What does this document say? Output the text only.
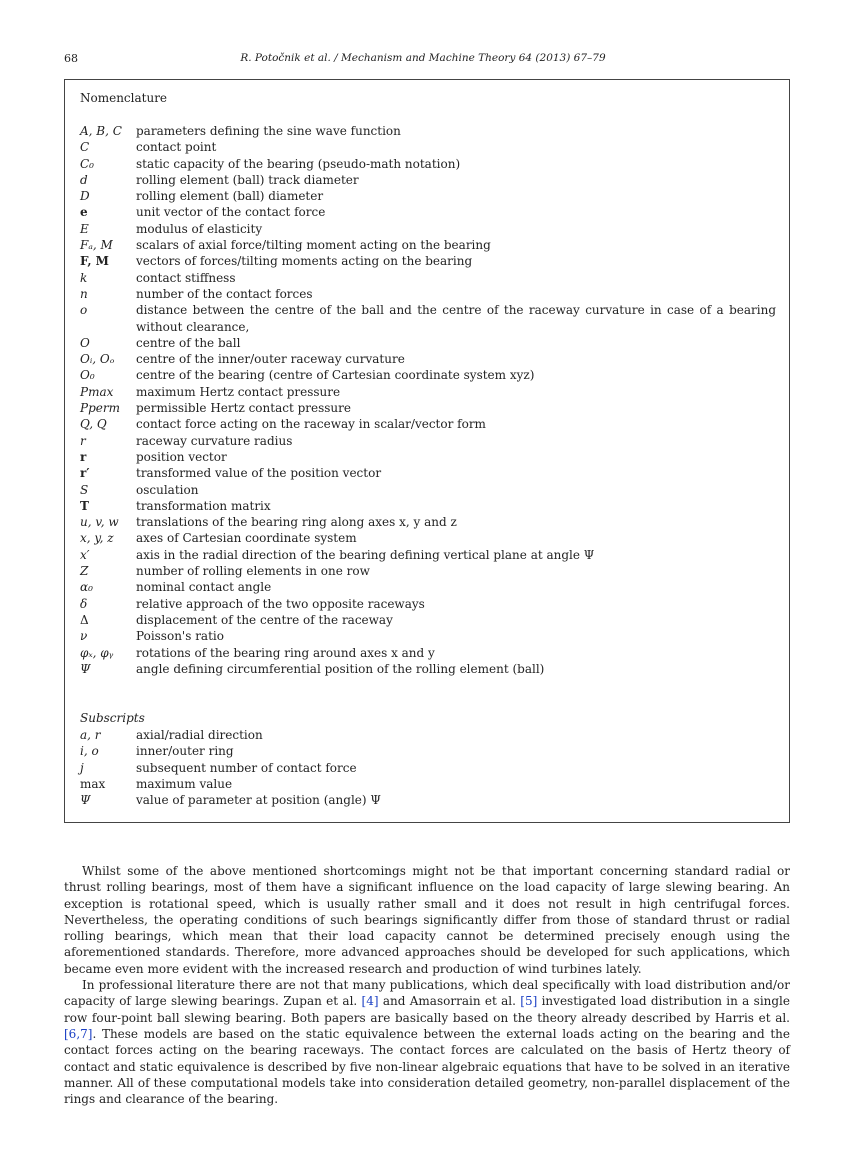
68	R. Potočnik et al. / Mechanism and Machine Theory 64 (2013) 67–79
Nomenclature
A, B, C	parameters defining the sine wave function
C	contact point
C₀	static capacity of the bearing (pseudo-math notation)
d	rolling element (ball) track diameter
D	rolling element (ball) diameter
e	unit vector of the contact force
E	modulus of elasticity
Fₐ, M	scalars of axial force/tilting moment acting on the bearing
F, M	vectors of forces/tilting moments acting on the bearing
k	contact stiffness
n	number of the contact forces
o	distance between the centre of the ball and the centre of the raceway curvature in case of a bearing without clearance,
O	centre of the ball
Oᵢ, Oₒ	centre of the inner/outer raceway curvature
O₀	centre of the bearing (centre of Cartesian coordinate system xyz)
Pmax	maximum Hertz contact pressure
Pperm	permissible Hertz contact pressure
Q, Q	contact force acting on the raceway in scalar/vector form
r	raceway curvature radius
r	position vector
r′	transformed value of the position vector
S	osculation
T	transformation matrix
u, v, w	translations of the bearing ring along axes x, y and z
x, y, z	axes of Cartesian coordinate system
x′	axis in the radial direction of the bearing defining vertical plane at angle Ψ
Z	number of rolling elements in one row
α₀	nominal contact angle
δ	relative approach of the two opposite raceways
Δ	displacement of the centre of the raceway
ν	Poisson's ratio
φₓ, φᵧ	rotations of the bearing ring around axes x and y
Ψ	angle defining circumferential position of the rolling element (ball)
Subscripts
a, r	axial/radial direction
i, o	inner/outer ring
j	subsequent number of contact force
max	maximum value
Ψ	value of parameter at position (angle) Ψ

Whilst some of the above mentioned shortcomings might not be that important concerning standard radial or thrust rolling bearings, most of them have a significant influence on the load capacity of large slewing bearing. An exception is rotational speed, which is usually rather small and it does not result in high centrifugal forces. Nevertheless, the operating conditions of such bearings significantly differ from those of standard thrust or radial rolling bearings, which mean that their load capacity cannot be determined precisely enough using the aforementioned standards. Therefore, more advanced approaches should be developed for such applications, which became even more evident with the increased research and production of wind turbines lately.

In professional literature there are not that many publications, which deal specifically with load distribution and/or capacity of large slewing bearings. Zupan et al. [4] and Amasorrain et al. [5] investigated load distribution in a single row four-point ball slewing bearing. Both papers are basically based on the theory already described by Harris et al. [6,7]. These models are based on the static equivalence between the external loads acting on the bearing and the contact forces acting on the bearing raceways. The contact forces are calculated on the basis of Hertz theory of contact and static equivalence is described by five non-linear algebraic equations that have to be solved in an iterative manner. All of these computational models take into consideration detailed geometry, non-parallel displacement of the rings and clearance of the bearing.
